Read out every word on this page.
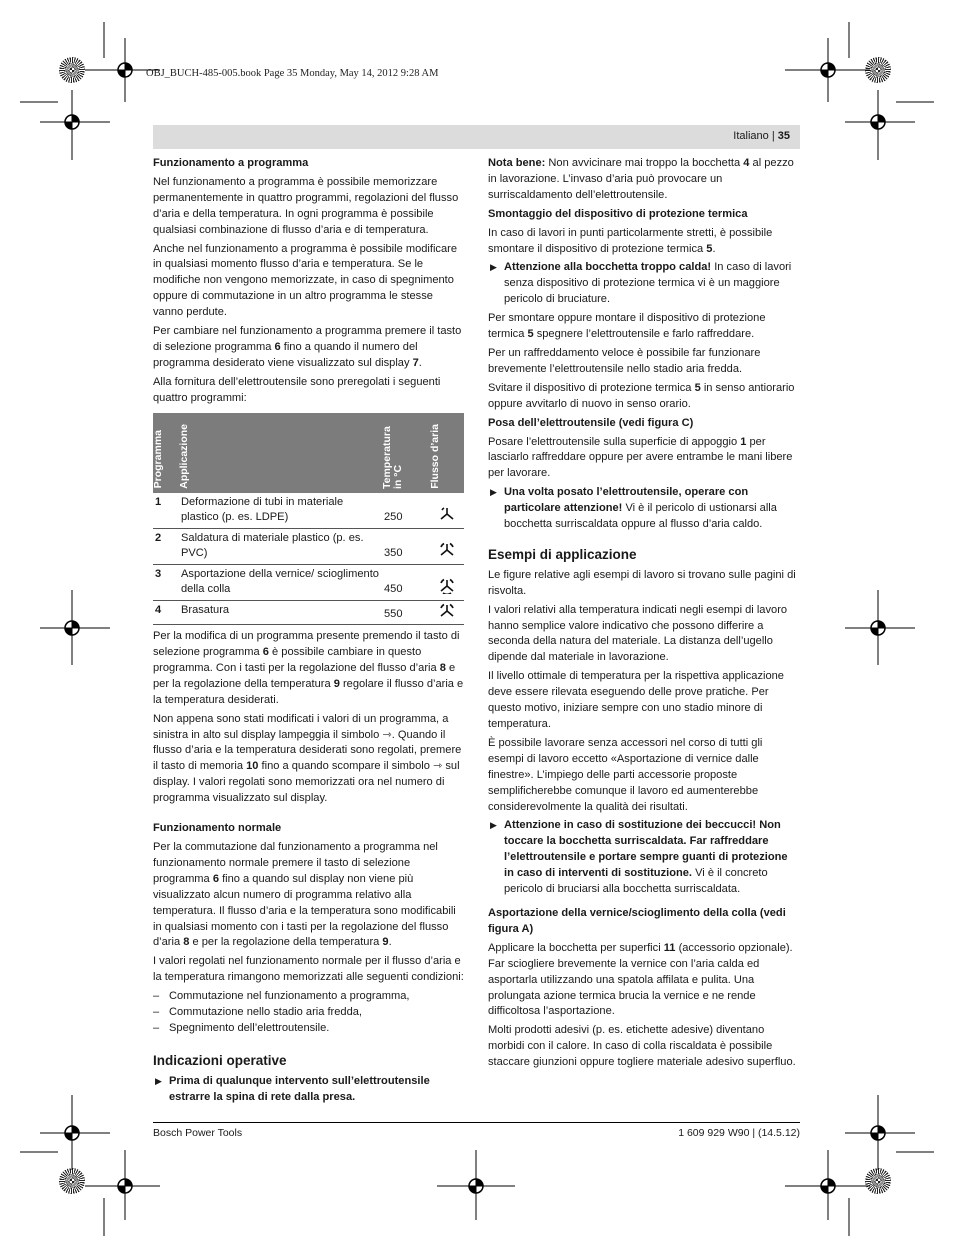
OBJ_BUCH-485-005.book Page 35 Monday, May 14, 2012 9:28 AM
Italiano | 35
Funzionamento a programma

Nel funzionamento a programma è possibile memorizzare permanentemente in quattro programmi, regolazioni del flusso d’aria e della temperatura. In ogni programma è possibile qualsiasi combinazione di flusso d’aria e di temperatura.

Anche nel funzionamento a programma è possibile modificare in qualsiasi momento flusso d’aria e temperatura. Se le modifiche non vengono memorizzate, in caso di spegnimento oppure di commutazione in un altro programma le stesse vanno perdute.

Per cambiare nel funzionamento a programma premere il tasto di selezione programma 6 fino a quando il numero del programma desiderato viene visualizzato sul display 7.

Alla fornitura dell’elettroutensile sono preregolati i seguenti quattro programmi:

Programma	Applicazione	Temperatura in °C	Flusso d’aria

1	Deformazione di tubi in materiale plastico (p. es. LDPE)	250	
2	Saldatura di materiale plastico (p. es. PVC)	350	
3	Asportazione della vernice/ scioglimento della colla	450	
4	Brasatura	550	

Per la modifica di un programma presente premendo il tasto di selezione programma 6 è possibile cambiare in questo programma. Con i tasti per la regolazione del flusso d’aria 8 e per la regolazione della temperatura 9 regolare il flusso d’aria e la temperatura desiderati.

Non appena sono stati modificati i valori di un programma, a sinistra in alto sul display lampeggia il simbolo ⇾. Quando il flusso d’aria e la temperatura desiderati sono regolati, premere il tasto di memoria 10 fino a quando scompare il simbolo ⇾ sul display. I valori regolati sono memorizzati ora nel numero di programma visualizzato sul display.

Funzionamento normale

Per la commutazione dal funzionamento a programma nel funzionamento normale premere il tasto di selezione programma 6 fino a quando sul display non viene più visualizzato alcun numero di programma relativo alla temperatura. Il flusso d’aria e la temperatura sono modificabili in qualsiasi momento con i tasti per la regolazione del flusso d’aria 8 e per la regolazione della temperatura 9.

I valori regolati nel funzionamento normale per il flusso d’aria e la temperatura rimangono memorizzati alle seguenti condizioni:

– Commutazione nel funzionamento a programma,
– Commutazione nello stadio aria fredda,
– Spegnimento dell’elettroutensile.
Indicazioni operative
▶ Prima di qualunque intervento sull’elettroutensile estrarre la spina di rete dalla presa.

Nota bene: Non avvicinare mai troppo la bocchetta 4 al pezzo in lavorazione. L’invaso d’aria può provocare un surriscaldamento dell’elettroutensile.

Smontaggio del dispositivo di protezione termica

In caso di lavori in punti particolarmente stretti, è possibile smontare il dispositivo di protezione termica 5.

▶ Attenzione alla bocchetta troppo calda! In caso di lavori senza dispositivo di protezione termica vi è un maggiore pericolo di bruciature.

Per smontare oppure montare il dispositivo di protezione termica 5 spegnere l’elettroutensile e farlo raffreddare.

Per un raffreddamento veloce è possibile far funzionare brevemente l’elettroutensile nello stadio aria fredda.

Svitare il dispositivo di protezione termica 5 in senso antiorario oppure avvitarlo di nuovo in senso orario.

Posa dell’elettroutensile (vedi figura C)

Posare l’elettroutensile sulla superficie di appoggio 1 per lasciarlo raffreddare oppure per avere entrambe le mani libere per lavorare.

▶ Una volta posato l’elettroutensile, operare con particolare attenzione! Vi è il pericolo di ustionarsi alla bocchetta surriscaldata oppure al flusso d’aria caldo.
Esempi di applicazione

Le figure relative agli esempi di lavoro si trovano sulle pagini di risvolta.

I valori relativi alla temperatura indicati negli esempi di lavoro hanno semplice valore indicativo che possono differire a seconda della natura del materiale. La distanza dell’ugello dipende dal materiale in lavorazione.

Il livello ottimale di temperatura per la rispettiva applicazione deve essere rilevata eseguendo delle prove pratiche. Per questo motivo, iniziare sempre con uno stadio minore di temperatura.

È possibile lavorare senza accessori nel corso di tutti gli esempi di lavoro eccetto «Asportazione di vernice dalle finestre». L’impiego delle parti accessorie proposte semplificherebbe comunque il lavoro ed aumenterebbe considerevolmente la qualità dei risultati.

▶ Attenzione in caso di sostituzione dei beccucci! Non toccare la bocchetta surriscaldata. Far raffreddare l’elettroutensile e portare sempre guanti di protezione in caso di interventi di sostituzione. Vi è il concreto pericolo di bruciarsi alla bocchetta surriscaldata.
Asportazione della vernice/scioglimento della colla (vedi figura A)

Applicare la bocchetta per superfici 11 (accessorio opzionale). Far sciogliere brevemente la vernice con l’aria calda ed asportarla utilizzando una spatola affilata e pulita. Una prolungata azione termica brucia la vernice e ne rende difficoltosa l’asportazione.

Molti prodotti adesivi (p. es. etichette adesive) diventano morbidi con il calore. In caso di colla riscaldata è possibile staccare giunzioni oppure togliere materiale adesivo superfluo.

Bosch Power Tools	1 609 929 W90 | (14.5.12)
